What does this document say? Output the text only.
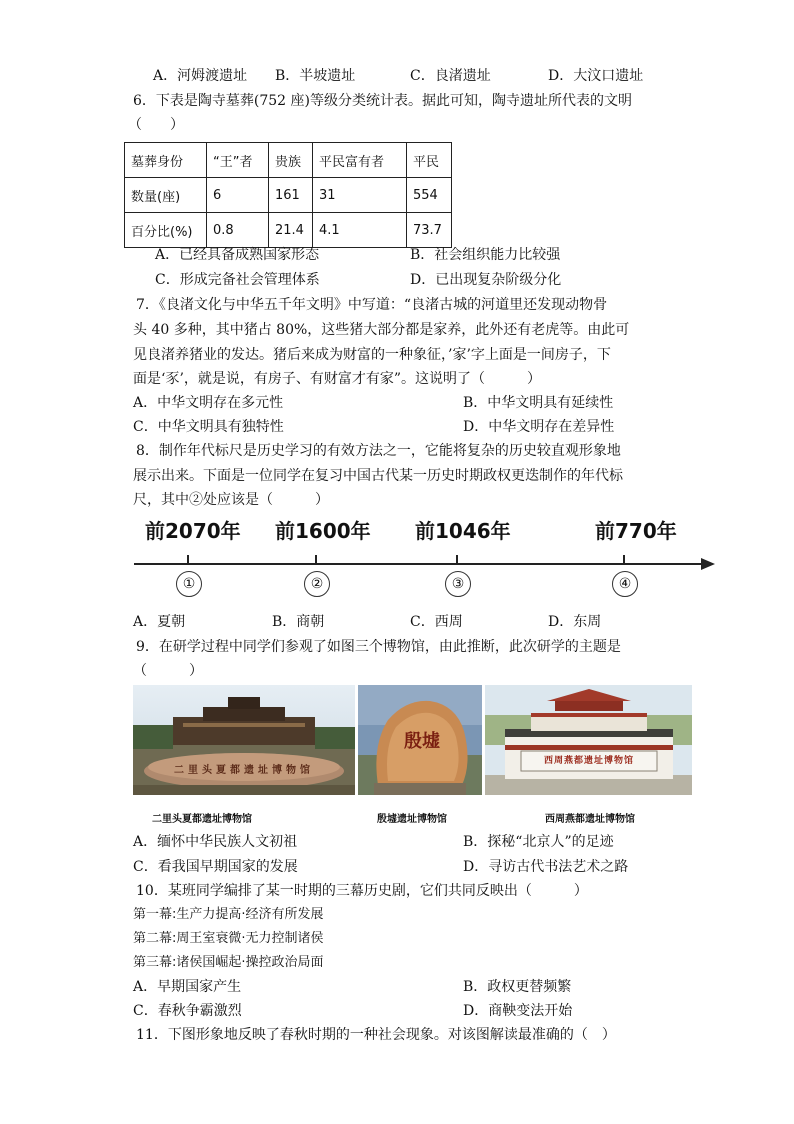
A．河姆渡遗址 B．半坡遗址	C．良渚遗址	D．大汶口遗址
6．下表是陶寺墓葬(752 座)等级分类统计表。据此可知，陶寺遗址所代表的文明
（　　）
墓葬身份	“王”者	贵族	平民富有者	平民
数量(座)	6	161	31	554
百分比(%)	0.8	21.4	4.1	73.7
A．已经具备成熟国家形态	B．社会组织能力比较强
C．形成完备社会管理体系	D．已出现复杂阶级分化
7．《良渚文化与中华五千年文明》中写道：“良渚古城的河道里还发现动物骨
头 40 多种，其中猪占 80%，这些猪大部分都是家养，此外还有老虎等。由此可
见良渚养猪业的发达。猪后来成为财富的一种象征，’家’字上面是一间房子，下
面是‘豕’，就是说，有房子、有财富才有家”。这说明了（　　　）
A．中华文明存在多元性	B．中华文明具有延续性
C．中华文明具有独特性	D．中华文明存在差异性
8．制作年代标尺是历史学习的有效方法之一，它能将复杂的历史较直观形象地
展示出来。下面是一位同学在复习中国古代某一历史时期政权更迭制作的年代标
尺，其中②处应该是（　　　）
前2070年 前1600年 前1046年	前770年
①	②	③	④
A．夏朝	B．商朝	C．西周	D．东周
9．在研学过程中同学们参观了如图三个博物馆，由此推断，此次研学的主题是
（　　　）
二里头夏都遗址博物馆
殷墟
西周燕都遗址博物馆
二里头夏都遗址博物馆	殷墟遗址博物馆	西周燕都遗址博物馆
A．缅怀中华民族人文初祖	B．探秘“北京人”的足迹
C．看我国早期国家的发展	D．寻访古代书法艺术之路
10．某班同学编排了某一时期的三幕历史剧，它们共同反映出（　　　）
第一幕:生产力提高·经济有所发展
第二幕:周王室衰微·无力控制诸侯
第三幕:诸侯国崛起·操控政治局面
A．早期国家产生	B．政权更替频繁
C．春秋争霸激烈	D．商鞅变法开始
11．下图形象地反映了春秋时期的一种社会现象。对该图解读最准确的（　）
